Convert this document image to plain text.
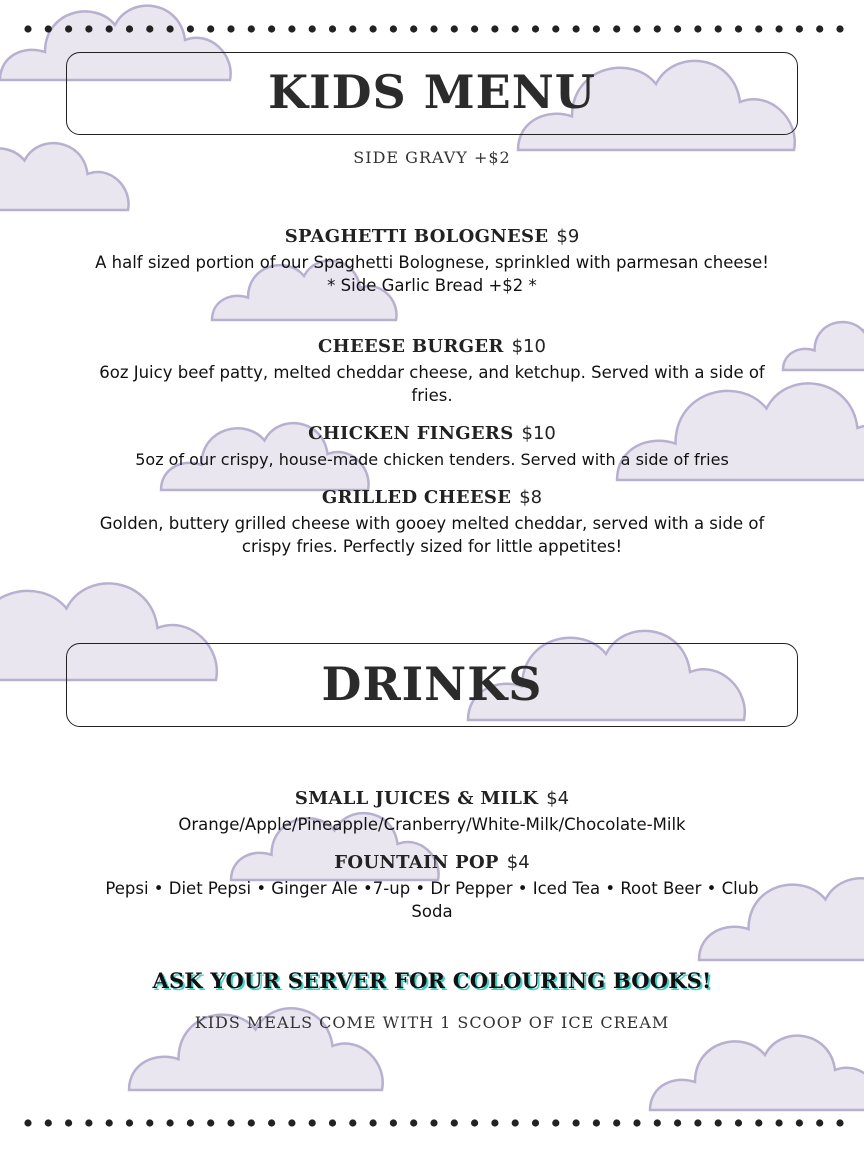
KIDS MENU
SIDE GRAVY +$2
SPAGHETTI BOLOGNESE $9
A half sized portion of our Spaghetti Bolognese, sprinkled with parmesan cheese!
* Side Garlic Bread +$2 *
CHEESE BURGER $10
6oz Juicy beef patty, melted cheddar cheese, and ketchup. Served with a side of fries.
CHICKEN FINGERS $10
5oz of our crispy, house-made chicken tenders. Served with a side of fries
GRILLED CHEESE $8
Golden, buttery grilled cheese with gooey melted cheddar, served with a side of crispy fries. Perfectly sized for little appetites!
DRINKS
SMALL JUICES & MILK $4
Orange/Apple/Pineapple/Cranberry/White-Milk/Chocolate-Milk
FOUNTAIN POP $4
Pepsi • Diet Pepsi • Ginger Ale •7-up • Dr Pepper • Iced Tea • Root Beer • Club Soda
ASK YOUR SERVER FOR COLOURING BOOKS!
KIDS MEALS COME WITH 1 SCOOP OF ICE CREAM
